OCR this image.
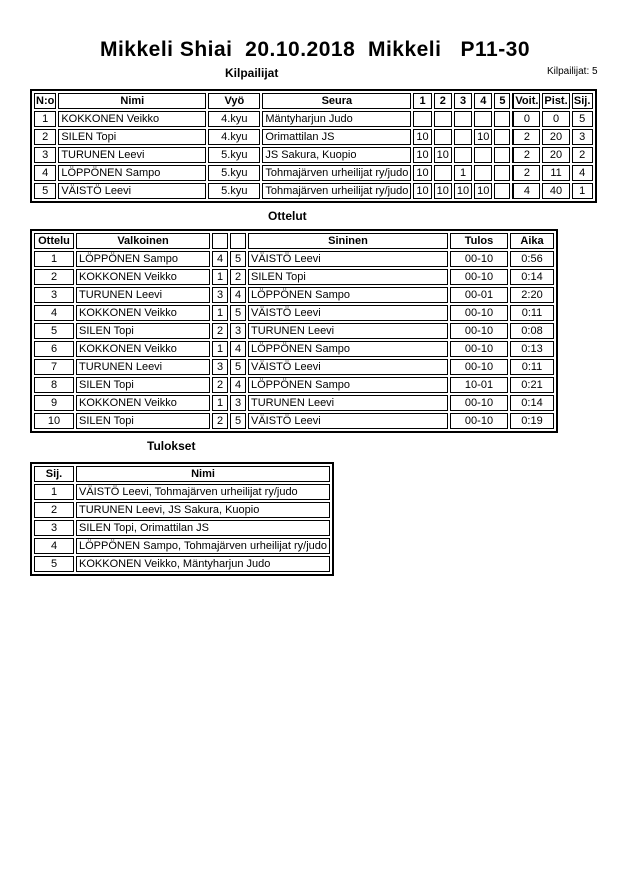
Mikkeli Shiai  20.10.2018  Mikkeli   P11-30
Kilpailijat	Kilpailijat: 5
N:o	Nimi	Vyö	Seura	1	2	3	4	5	Voit.	Pist.	Sij.
1	KOKKONEN Veikko	4.kyu	Mäntyharjun Judo						0	0	5
2	SILEN Topi	4.kyu	Orimattilan JS	10			10		2	20	3
3	TURUNEN Leevi	5.kyu	JS Sakura, Kuopio	10	10				2	20	2
4	LÖPPÖNEN Sampo	5.kyu	Tohmajärven urheilijat ry/judo	10		1			2	11	4
5	VÄISTÖ Leevi	5.kyu	Tohmajärven urheilijat ry/judo	10	10	10	10		4	40	1
Ottelut
Ottelu	Valkoinen			Sininen	Tulos	Aika
1	LÖPPÖNEN Sampo	4	5	VÄISTÖ Leevi	00-10	0:56
2	KOKKONEN Veikko	1	2	SILEN Topi	00-10	0:14
3	TURUNEN Leevi	3	4	LÖPPÖNEN Sampo	00-01	2:20
4	KOKKONEN Veikko	1	5	VÄISTÖ Leevi	00-10	0:11
5	SILEN Topi	2	3	TURUNEN Leevi	00-10	0:08
6	KOKKONEN Veikko	1	4	LÖPPÖNEN Sampo	00-10	0:13
7	TURUNEN Leevi	3	5	VÄISTÖ Leevi	00-10	0:11
8	SILEN Topi	2	4	LÖPPÖNEN Sampo	10-01	0:21
9	KOKKONEN Veikko	1	3	TURUNEN Leevi	00-10	0:14
10	SILEN Topi	2	5	VÄISTÖ Leevi	00-10	0:19
Tulokset
Sij.	Nimi
1	VÄISTÖ Leevi, Tohmajärven urheilijat ry/judo
2	TURUNEN Leevi, JS Sakura, Kuopio
3	SILEN Topi, Orimattilan JS
4	LÖPPÖNEN Sampo, Tohmajärven urheilijat ry/judo
5	KOKKONEN Veikko, Mäntyharjun Judo
